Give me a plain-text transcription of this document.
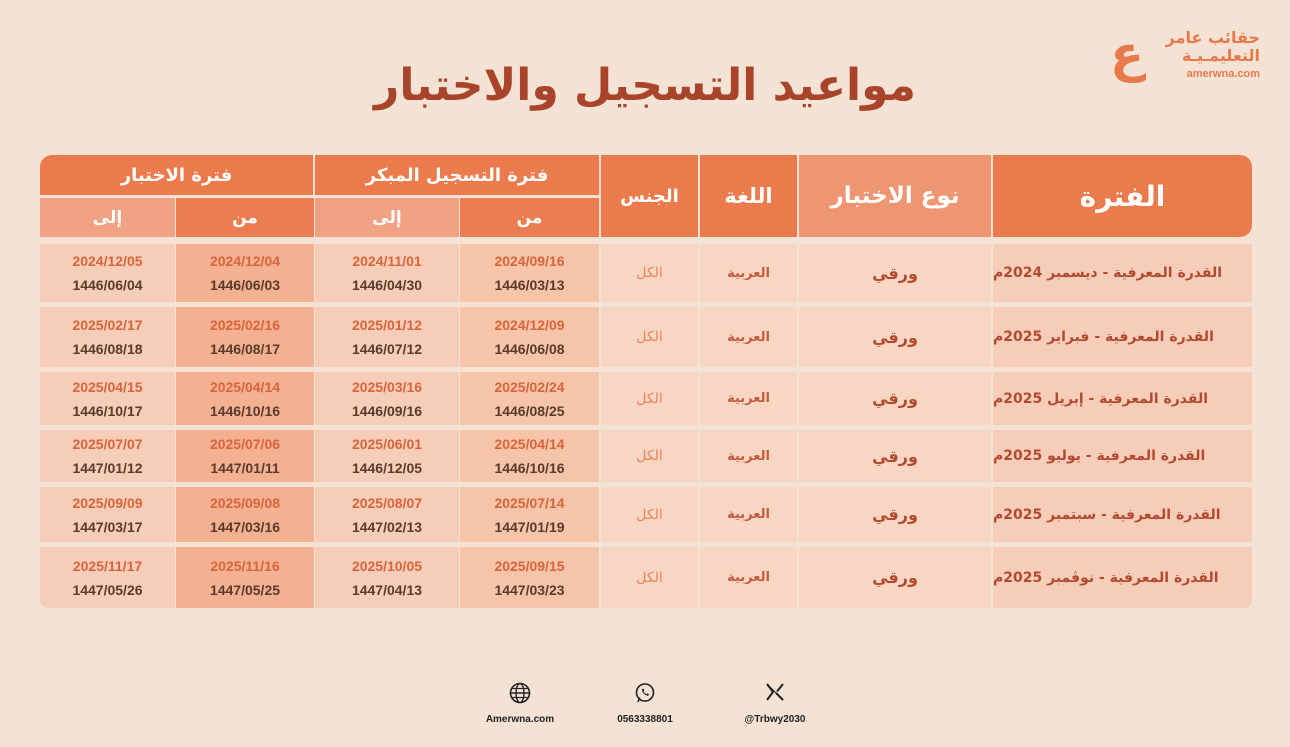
ع حقائب عامر
التعليمـيـة
amerwna.com
مواعيد التسجيل والاختبار
الفترة
نوع الاختبار
اللغة
الجنس
فترة التسجيل المبكر
فترة الاختبار
من
إلى
من
إلى
القدرة المعرفية - ديسمبر 2024م
ورقي
العربية
الكل
2024/09/16
1446/03/13
2024/11/01
1446/04/30
2024/12/04
1446/06/03
2024/12/05
1446/06/04
القدرة المعرفية - فبراير 2025م
ورقي
العربية
الكل
2024/12/09
1446/06/08
2025/01/12
1446/07/12
2025/02/16
1446/08/17
2025/02/17
1446/08/18
القدرة المعرفية - إبريل 2025م
ورقي
العربية
الكل
2025/02/24
1446/08/25
2025/03/16
1446/09/16
2025/04/14
1446/10/16
2025/04/15
1446/10/17
القدرة المعرفية - يوليو 2025م
ورقي
العربية
الكل
2025/04/14
1446/10/16
2025/06/01
1446/12/05
2025/07/06
1447/01/11
2025/07/07
1447/01/12
القدرة المعرفية - سبتمبر 2025م
ورقي
العربية
الكل
2025/07/14
1447/01/19
2025/08/07
1447/02/13
2025/09/08
1447/03/16
2025/09/09
1447/03/17
القدرة المعرفية - نوڤمبر 2025م
ورقي
العربية
الكل
2025/09/15
1447/03/23
2025/10/05
1447/04/13
2025/11/16
1447/05/25
2025/11/17
1447/05/26
Amerwna.com	0563338801	@Trbwy2030
